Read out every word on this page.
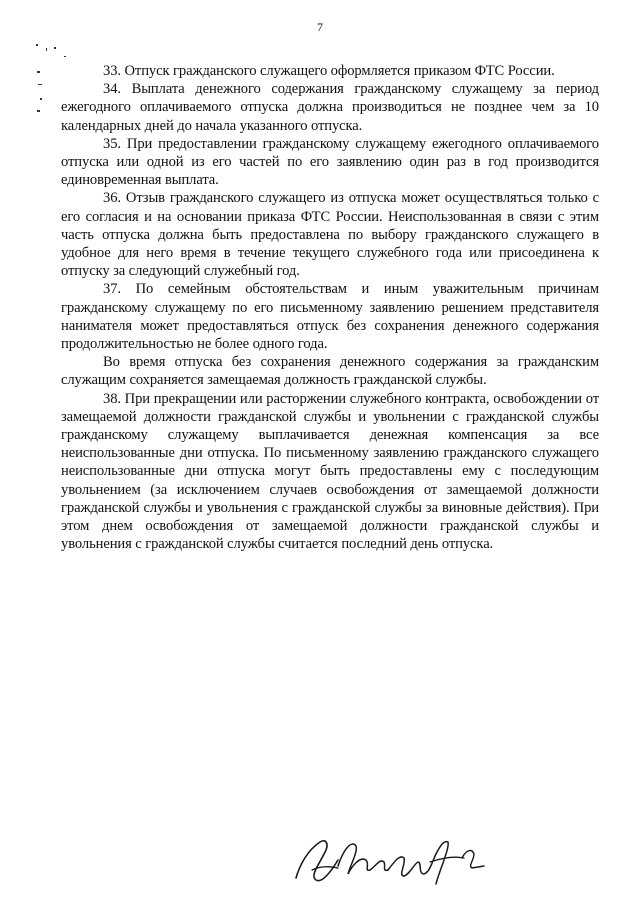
7

33. Отпуск гражданского служащего оформляется приказом ФТС России.

34. Выплата денежного содержания гражданскому служащему за период ежегодного оплачиваемого отпуска должна производиться не позднее чем за 10 календарных дней до начала указанного отпуска.

35. При предоставлении гражданскому служащему ежегодного оплачиваемого отпуска или одной из его частей по его заявлению один раз в год производится единовременная выплата.

36. Отзыв гражданского служащего из отпуска может осуществляться только с его согласия и на основании приказа ФТС России. Неиспользованная в связи с этим часть отпуска должна быть предоставлена по выбору гражданского служащего в удобное для него время в течение текущего служебного года или присоединена к отпуску за следующий служебный год.

37. По семейным обстоятельствам и иным уважительным причинам гражданскому служащему по его письменному заявлению решением представителя нанимателя может предоставляться отпуск без сохранения денежного содержания продолжительностью не более одного года.

Во время отпуска без сохранения денежного содержания за гражданским служащим сохраняется замещаемая должность гражданской службы.

38. При прекращении или расторжении служебного контракта, освобождении от замещаемой должности гражданской службы и увольнении с гражданской службы гражданскому служащему выплачивается денежная компенсация за все неиспользованные дни отпуска. По письменному заявлению гражданского служащего неиспользованные дни отпуска могут быть предоставлены ему с последующим увольнением (за исключением случаев освобождения от замещаемой должности гражданской службы и увольнения с гражданской службы за виновные действия). При этом днем освобождения от замещаемой должности гражданской службы и увольнения с гражданской службы считается последний день отпуска.
